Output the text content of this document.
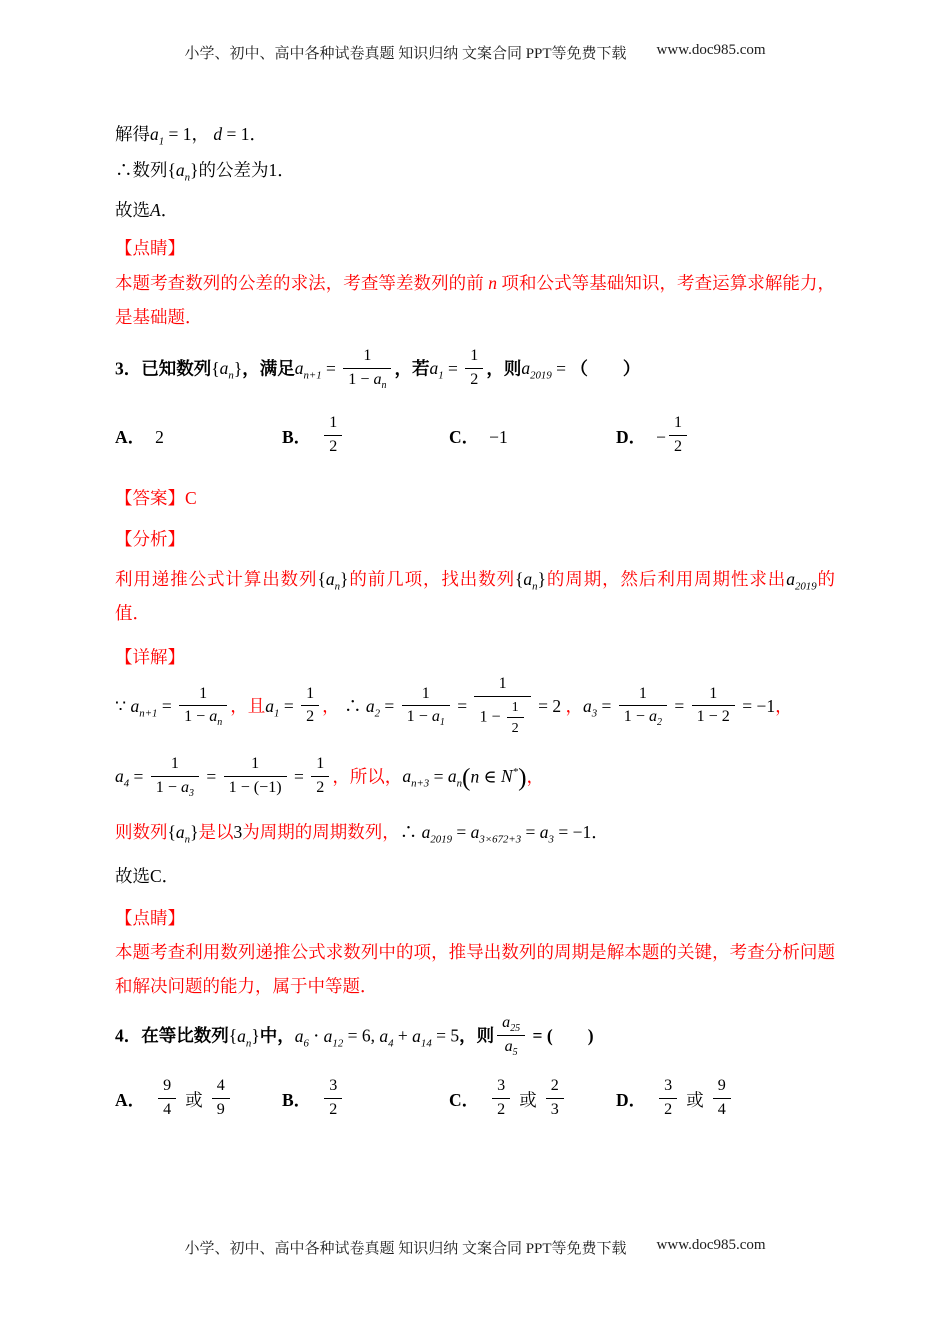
小学、初中、高中各种试卷真题 知识归纳 文案合同 PPT等免费下载 www.doc985.com
解得$a_1 = 1$， d = 1．
∴数列$\{a_n\}$的公差为1．
故选A．
【点睛】
本题考查数列的公差的求法，考查等差数列的前 n 项和公式等基础知识，考查运算求解能力，是基础题．
3．已知数列$\{a_n\}$，满足$a_{n+1} = \frac{1}{1 - a_n}$ ，若$a_1 = \frac{1}{2}$ ，则$a_{2019}$ = （　　）
A． 2	B． $\frac{1}{2}$	C． −1	D． − $\frac{1}{2}$
【答案】C
【分析】
利用递推公式计算出数列$\{a_n\}$的前几项，找出数列$\{a_n\}$的周期，然后利用周期性求出$a_{2019}$的值．
【详解】
∵ $a_{n+1} = \frac{1}{1 - a_n}$ ，且$a_1 = \frac{1}{2}$ ， ∴ $a_2 = \frac{1}{1 - a_1} = \frac{1}{1 - \frac{1}{2}} = 2$ ，$a_3 = \frac{1}{1 - a_2} = \frac{1}{1 - 2} = -1$，
$a_4 = \frac{1}{1 - a_3} = \frac{1}{1 - (-1)} = \frac{1}{2}$ ，所以，$a_{n+3} = a_n(n$ ∈ N*)，
则数列$\{a_n\}$是以3为周期的周期数列，∴ $a_{2019} = a_{3\times 672+3} = a_3 = -1$．
故选C．
【点睛】
本题考查利用数列递推公式求数列中的项，推导出数列的周期是解本题的关键，考查分析问题和解决问题的能力，属于中等题．
4．在等比数列$\{a_n\}$中，$a_6 \cdot a_{12} = 6$, $a_4 + a_{14} = 5$，则 $\frac{a_{25}}{a_5}$ = (　　)
A． $\frac{9}{4}$ 或 $\frac{4}{9}$	B． $\frac{3}{2}$	C． $\frac{3}{2}$ 或 $\frac{2}{3}$	D． $\frac{3}{2}$ 或 $\frac{9}{4}$
小学、初中、高中各种试卷真题 知识归纳 文案合同 PPT等免费下载 www.doc985.com
